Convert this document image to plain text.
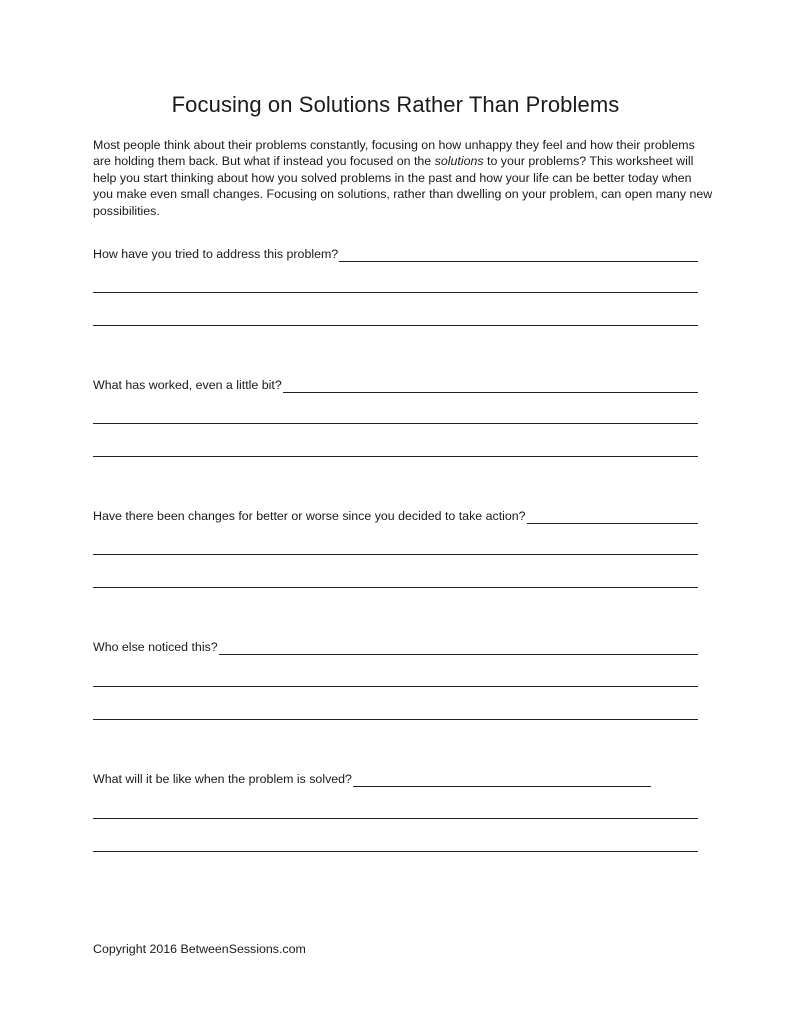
Focusing on Solutions Rather Than Problems
Most people think about their problems constantly, focusing on how unhappy they feel and how their problems are holding them back. But what if instead you focused on the solutions to your problems? This worksheet will help you start thinking about how you solved problems in the past and how your life can be better today when you make even small changes. Focusing on solutions, rather than dwelling on your problem, can open many new possibilities.
How have you tried to address this problem?
What has worked, even a little bit?
Have there been changes for better or worse since you decided to take action?
Who else noticed this?
What will it be like when the problem is solved?
Copyright 2016 BetweenSessions.com
